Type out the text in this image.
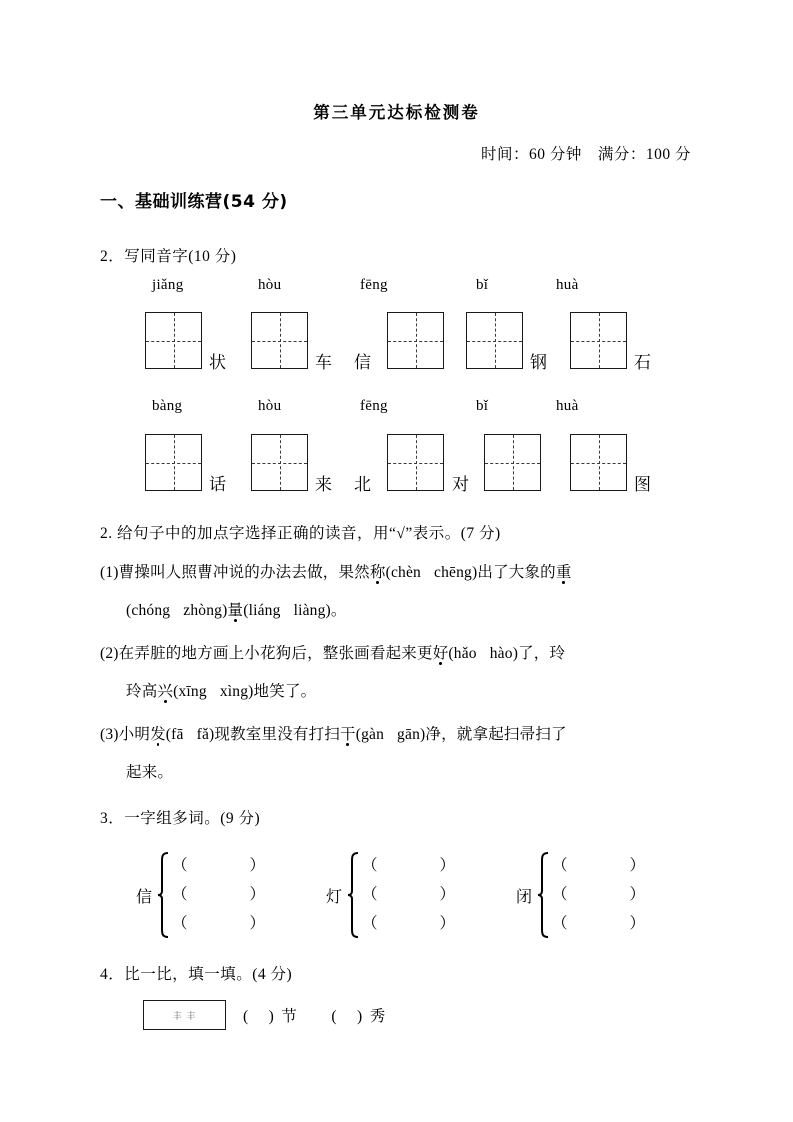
第三单元达标检测卷
时间：60 分钟 满分：100 分
一、基础训练营(54 分)
2．写同音字(10 分)
jiǎng	hòu	fēng	bǐ	huà
状	车 信	钢	石
bàng	hòu	fēng	bǐ	huà
话	来 北	对	图
2. 给句子中的加点字选择正确的读音，用“√”表示。(7 分)
(1)曹操叫人照曹冲说的办法去做，果然称(chèn chēng)出了大象的重
(chóng zhòng)量(liáng liàng)。
(2)在弄脏的地方画上小花狗后，整张画看起来更好(hǎo hào)了，玲
玲高兴(xīng xìng)地笑了。
(3)小明发(fā fǎ)现教室里没有打扫干(gàn gān)净，就拿起扫帚扫了
起来。
3．一字组多词。(9 分)
信
（	）
（	）
（	）
灯
（	）
（	）
（	）
闭
（	）
（	）
（	）
4．比一比，填一填。(4 分)
丰 丰	( ) 节 ( ) 秀
